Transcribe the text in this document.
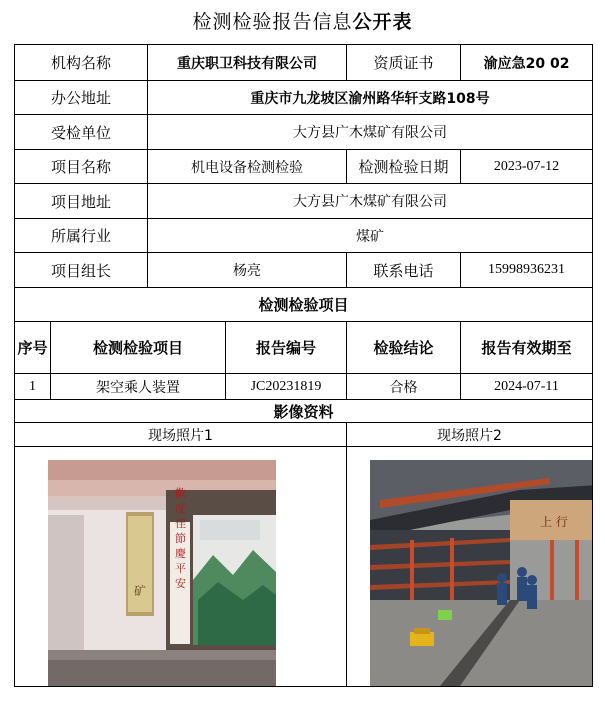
检测检验报告信息公开表
机构名称		重庆职卫科技有限公司		资质证书	渝应急20 02
办公地址		重庆市九龙坡区渝州路华轩支路108号			
受检单位		大方县广木煤矿有限公司			
项目名称		机电设备检测检验		检测检验日期	2023-07-12
项目地址		大方县广木煤矿有限公司			
所属行业		煤矿			
项目组长		杨亮		联系电话	15998936231
检测检验项目					
序号	检测检验项目		报告编号	检验结论	报告有效期至
1	架空乘人装置		JC20231819	合格	2024-07-11
影像资料					
现场照片1				现场照片2	

矿 歡度佳節慶平安				上 行	
